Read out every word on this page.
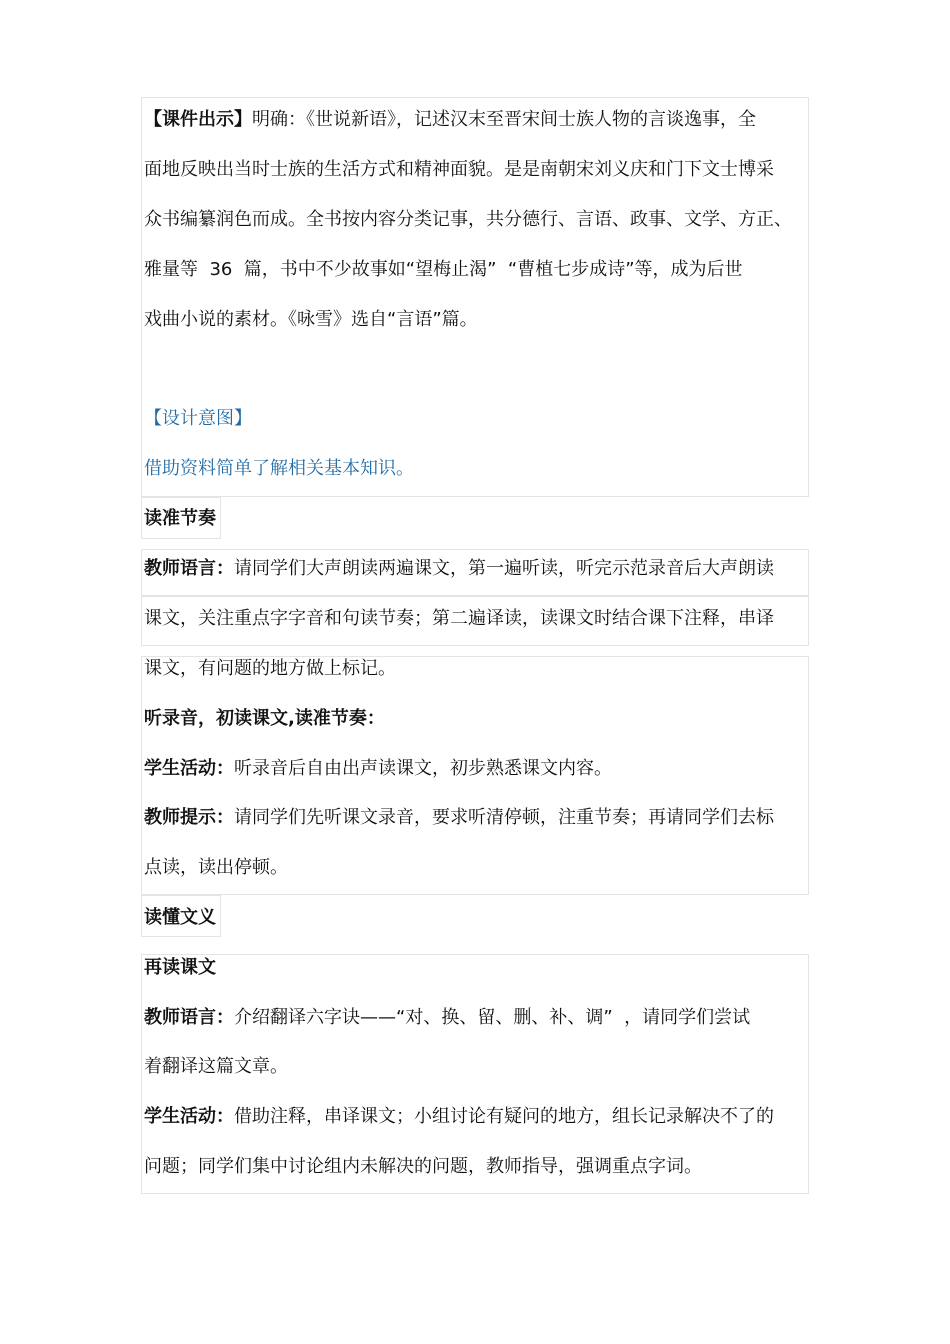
【课件出示】明确：《世说新语》，记述汉末至晋宋间士族人物的言谈逸事，全
面地反映出当时士族的生活方式和精神面貌。是是南朝宋刘义庆和门下文士博采
众书编纂润色而成。全书按内容分类记事，共分德行、言语、政事、文学、方正、
雅量等  36  篇，书中不少故事如“望梅止渴”  “曹植七步成诗”等，成为后世
戏曲小说的素材。《咏雪》选自“言语”篇。
【设计意图】
借助资料简单了解相关基本知识。
读准节奏
教师语言：请同学们大声朗读两遍课文，第一遍听读，听完示范录音后大声朗读
课文，关注重点字字音和句读节奏；第二遍译读，读课文时结合课下注释，串译
课文，有问题的地方做上标记。
听录音，初读课文,读准节奏：
学生活动：听录音后自由出声读课文，初步熟悉课文内容。
教师提示：请同学们先听课文录音，要求听清停顿，注重节奏；再请同学们去标
点读，读出停顿。
读懂文义
再读课文
教师语言：介绍翻译六字诀——“对、换、留、删、补、调”  ，请同学们尝试
着翻译这篇文章。
学生活动：借助注释，串译课文；小组讨论有疑问的地方，组长记录解决不了的
问题；同学们集中讨论组内未解决的问题，教师指导，强调重点字词。
